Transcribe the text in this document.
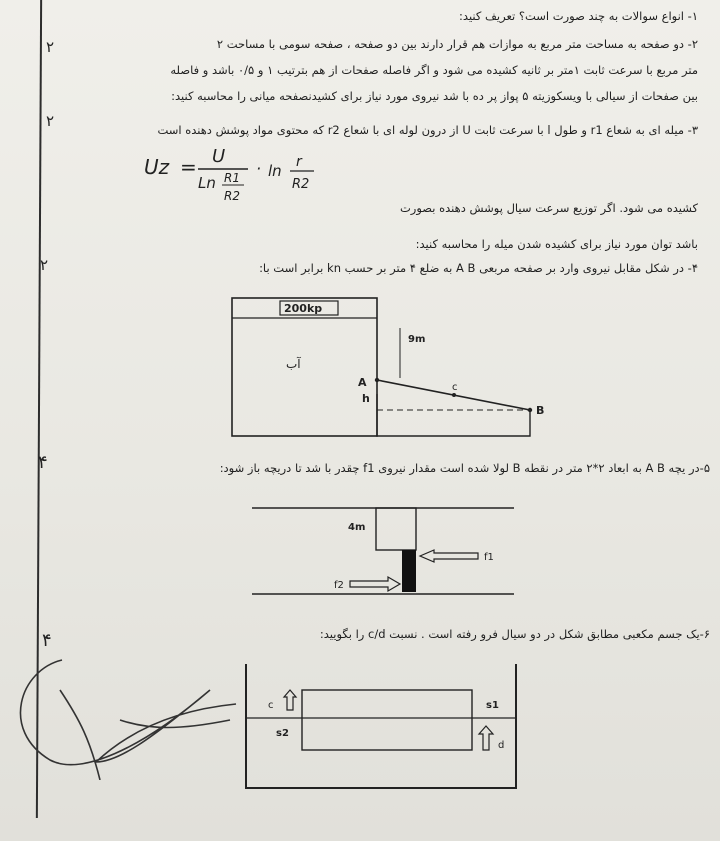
۱- انواع سوالات به چند صورت است؟ تعریف کنید:
۲	۲- دو صفحه به مساحت متر مربع به موازات هم قرار دارند بین دو صفحه ، صفحه سومی با مساحت ۲
متر مربع با سرعت ثابت ۱متر بر ثانیه کشیده می شود و اگر فاصله صفحات از هم بترتیب ۱ و ۰/۵ باشد و فاصله
بین صفحات از سیالی با ویسکوزیته ۵ پواز پر ده با شد نیروی مورد نیاز برای کشیدنصفحه میانی را محاسبه کنید:
۲	۳- میله ای به شعاع r1 و طول l با سرعت ثابت U از درون لوله ای با شعاع r2 که محتوی مواد پوشش دهنده است
Uz = U
Ln R1
R2
· ln r
R2
کشیده می شود. اگر توزیع سرعت سیال پوشش دهنده بصورت
باشد توان مورد نیاز برای کشیده شدن میله را محاسبه کنید:
۲	۴- در شکل مقابل نیروی وارد بر صفحه مربعی A B به ضلع ۴ متر بر حسب kn برابر است با:
200kp
9m
آب
A
h
c
B
۴	۵-در یچه A B به ابعاد ۲*۲ متر در نقطه B لولا شده است مقدار نیروی f1 چقدر با شد تا دریچه باز شود:
4m
f1
f2
۴	۶-یک جسم مکعبی مطابق شکل در دو سیال فرو رفته است . نسبت c/d را بگویید:
c	s1
s2
d
